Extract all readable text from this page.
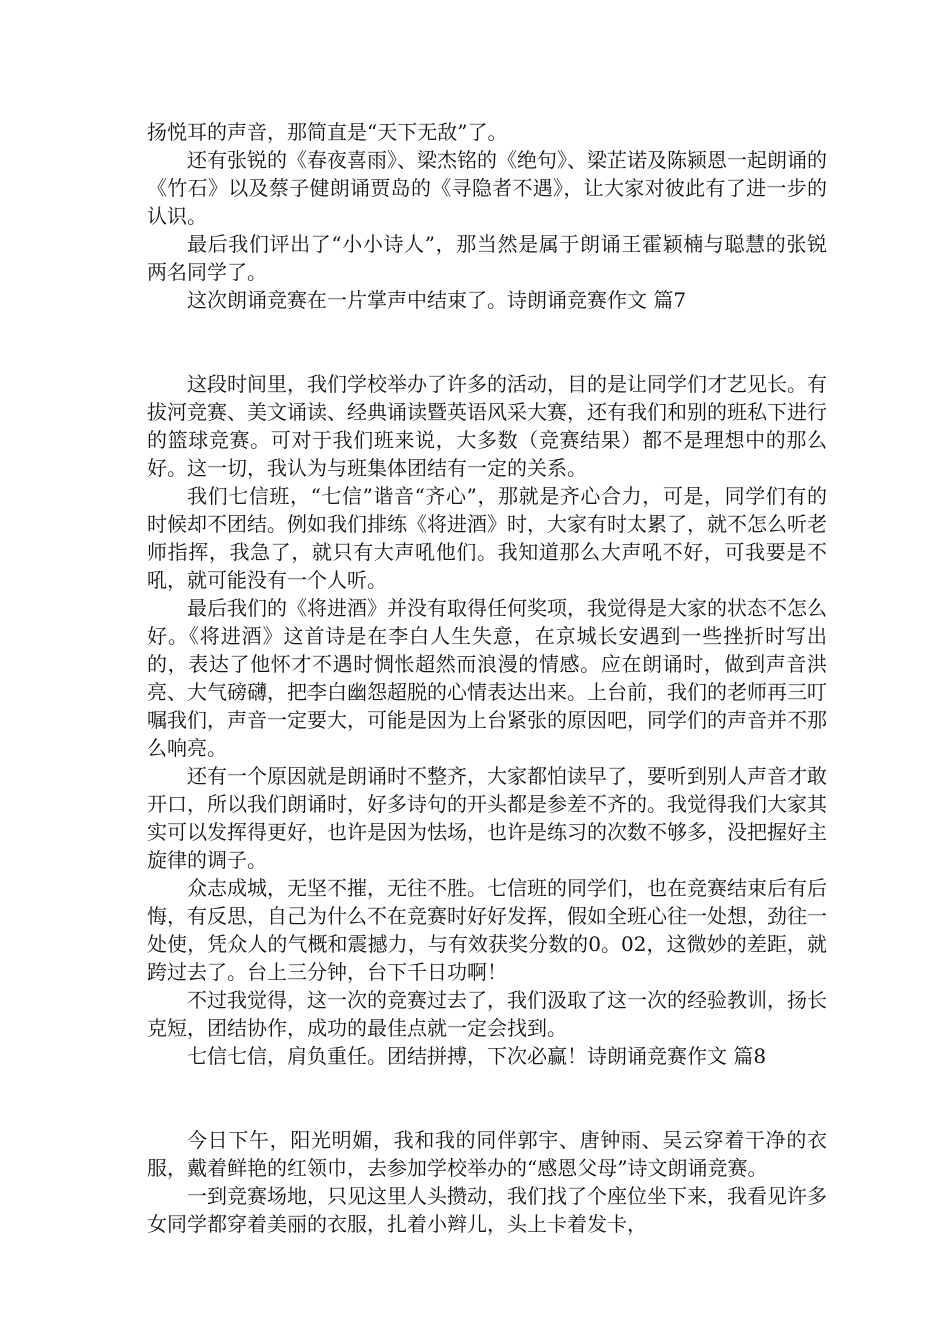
扬悦耳的声音，那简直是“天下无敌”了。

还有张锐的《春夜喜雨》、梁杰铭的《绝句》、梁芷诺及陈颍恩一起朗诵的《竹石》以及蔡子健朗诵贾岛的《寻隐者不遇》，让大家对彼此有了进一步的认识。

最后我们评出了“小小诗人”，那当然是属于朗诵王霍颖楠与聪慧的张锐两名同学了。

这次朗诵竞赛在一片掌声中结束了。诗朗诵竞赛作文 篇7

这段时间里，我们学校举办了许多的活动，目的是让同学们才艺见长。有拔河竞赛、美文诵读、经典诵读暨英语风采大赛，还有我们和别的班私下进行的篮球竞赛。可对于我们班来说，大多数（竞赛结果）都不是理想中的那么好。这一切，我认为与班集体团结有一定的关系。

我们七信班，“七信”谐音“齐心”，那就是齐心合力，可是，同学们有的时候却不团结。例如我们排练《将进酒》时，大家有时太累了，就不怎么听老师指挥，我急了，就只有大声吼他们。我知道那么大声吼不好，可我要是不吼，就可能没有一个人听。

最后我们的《将进酒》并没有取得任何奖项，我觉得是大家的状态不怎么好。《将进酒》这首诗是在李白人生失意，在京城长安遇到一些挫折时写出的，表达了他怀才不遇时惆怅超然而浪漫的情感。应在朗诵时，做到声音洪亮、大气磅礴，把李白幽怨超脱的心情表达出来。上台前，我们的老师再三叮嘱我们，声音一定要大，可能是因为上台紧张的原因吧，同学们的声音并不那么响亮。

还有一个原因就是朗诵时不整齐，大家都怕读早了，要听到别人声音才敢开口，所以我们朗诵时，好多诗句的开头都是参差不齐的。我觉得我们大家其实可以发挥得更好，也许是因为怯场，也许是练习的次数不够多，没把握好主旋律的调子。

众志成城，无坚不摧，无往不胜。七信班的同学们，也在竞赛结束后有后悔，有反思，自己为什么不在竞赛时好好发挥，假如全班心往一处想，劲往一处使，凭众人的气概和震撼力，与有效获奖分数的0。02，这微妙的差距，就跨过去了。台上三分钟，台下千日功啊！

不过我觉得，这一次的竞赛过去了，我们汲取了这一次的经验教训，扬长克短，团结协作，成功的最佳点就一定会找到。

七信七信，肩负重任。团结拼搏，下次必赢！诗朗诵竞赛作文 篇8

今日下午，阳光明媚，我和我的同伴郭宇、唐钟雨、吴云穿着干净的衣服，戴着鲜艳的红领巾，去参加学校举办的“感恩父母”诗文朗诵竞赛。

一到竞赛场地，只见这里人头攒动，我们找了个座位坐下来，我看见许多女同学都穿着美丽的衣服，扎着小辫儿，头上卡着发卡，
